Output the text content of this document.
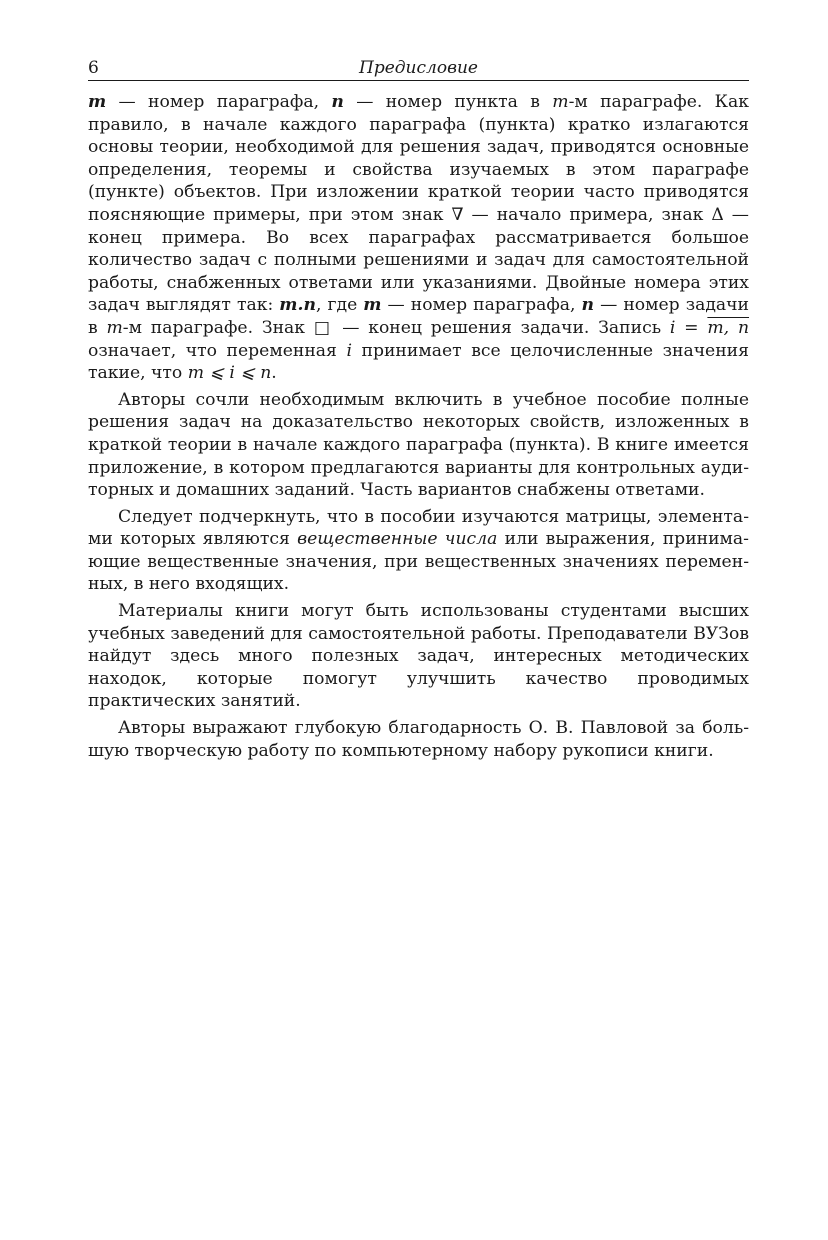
6	Предисловие

m — номер параграфа, n — номер пункта в m-м параграфе. Как правило, в начале каждого параграфа (пункта) кратко излагаются основы теории, необходимой для решения задач, приводятся основные определения, теоремы и свойства изучаемых в этом параграфе (пункте) объектов. При изложении краткой теории часто приводятся поясняющие примеры, при этом знак ∇ — начало примера, знак Δ — конец примера. Во всех параграфах рассматривается большое количество задач с полными решениями и задач для самостоятельной работы, снабженных ответами или указаниями. Двойные номера этих задач выглядят так: m.n, где m — номер параграфа, n — номер задачи в m-м параграфе. Знак □ — конец решения задачи. Запись i = m, n означает, что переменная i принимает все целочисленные значения такие, что m ⩽ i ⩽ n.

Авторы сочли необходимым включить в учебное пособие полные решения задач на доказательство некоторых свойств, изложенных в краткой теории в начале каждого параграфа (пункта). В книге имеется приложение, в котором предлагаются варианты для контрольных аудиторных и домашних заданий. Часть вариантов снабжены ответами.

Следует подчеркнуть, что в пособии изучаются матрицы, элементами которых являются вещественные числа или выражения, принимающие вещественные значения, при вещественных значениях переменных, в него входящих.

Материалы книги могут быть использованы студентами высших учебных заведений для самостоятельной работы. Преподаватели ВУЗов найдут здесь много полезных задач, интересных методических находок, которые помогут улучшить качество проводимых практических занятий.

Авторы выражают глубокую благодарность О. В. Павловой за большую творческую работу по компьютерному набору рукописи книги.
